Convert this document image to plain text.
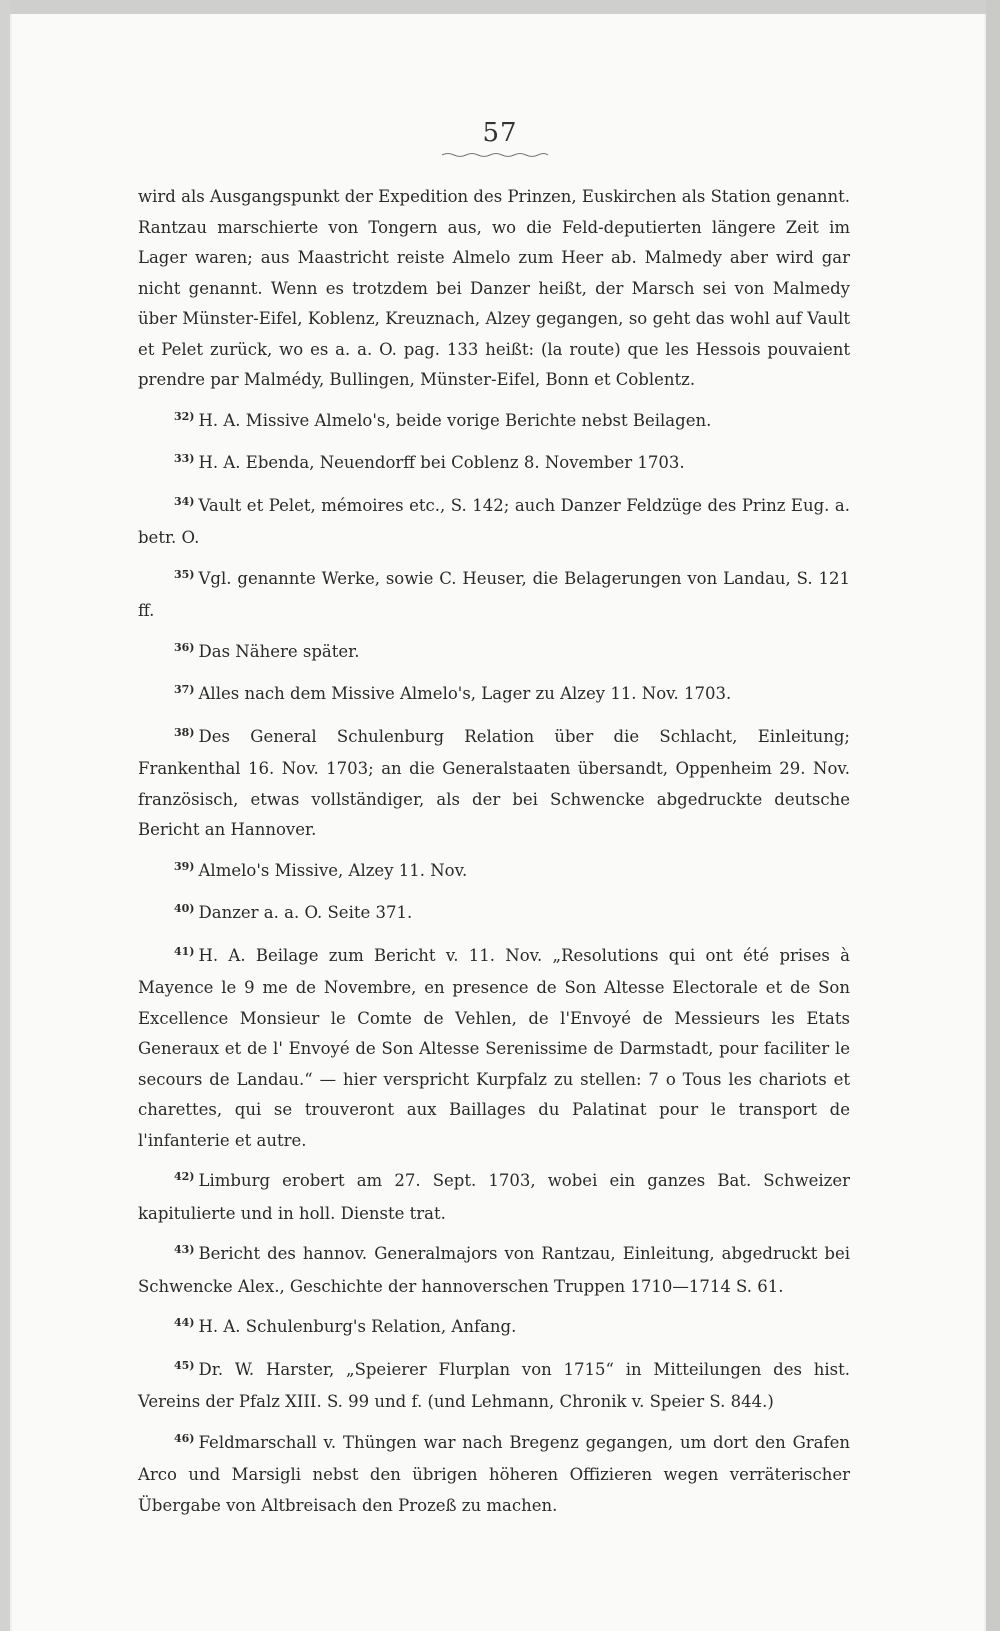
57

wird als Ausgangspunkt der Expedition des Prinzen, Euskirchen als Station genannt. Rantzau marschierte von Tongern aus, wo die Feld-deputierten längere Zeit im Lager waren; aus Maastricht reiste Almelo zum Heer ab. Malmedy aber wird gar nicht genannt. Wenn es trotzdem bei Danzer heißt, der Marsch sei von Malmedy über Münster-Eifel, Koblenz, Kreuznach, Alzey gegangen, so geht das wohl auf Vault et Pelet zurück, wo es a. a. O. pag. 133 heißt: (la route) que les Hessois pouvaient prendre par Malmédy, Bullingen, Münster-Eifel, Bonn et Coblentz.

$^{32)}$ H. A. Missive Almelo's, beide vorige Berichte nebst Beilagen.

$^{33)}$ H. A. Ebenda, Neuendorff bei Coblenz 8. November 1703.

$^{34)}$ Vault et Pelet, mémoires etc., S. 142; auch Danzer Feldzüge des Prinz Eug. a. betr. O.

$^{35)}$ Vgl. genannte Werke, sowie C. Heuser, die Belagerungen von Landau, S. 121 ff.

$^{36)}$ Das Nähere später.

$^{37)}$ Alles nach dem Missive Almelo's, Lager zu Alzey 11. Nov. 1703.

$^{38)}$ Des General Schulenburg Relation über die Schlacht, Einleitung; Frankenthal 16. Nov. 1703; an die Generalstaaten übersandt, Oppenheim 29. Nov. französisch, etwas vollständiger, als der bei Schwencke abgedruckte deutsche Bericht an Hannover.

$^{39)}$ Almelo's Missive, Alzey 11. Nov.

$^{40)}$ Danzer a. a. O. Seite 371.

$^{41)}$ H. A. Beilage zum Bericht v. 11. Nov. „Resolutions qui ont été prises à Mayence le 9 me de Novembre, en presence de Son Altesse Electorale et de Son Excellence Monsieur le Comte de Vehlen, de l'Envoyé de Messieurs les Etats Generaux et de l' Envoyé de Son Altesse Serenissime de Darmstadt, pour faciliter le secours de Landau.“ — hier verspricht Kurpfalz zu stellen: 7 o Tous les chariots et charettes, qui se trouveront aux Baillages du Palatinat pour le transport de l'infanterie et autre.

$^{42)}$ Limburg erobert am 27. Sept. 1703, wobei ein ganzes Bat. Schweizer kapitulierte und in holl. Dienste trat.

$^{43)}$ Bericht des hannov. Generalmajors von Rantzau, Einleitung, abgedruckt bei Schwencke Alex., Geschichte der hannoverschen Truppen 1710—1714 S. 61.

$^{44)}$ H. A. Schulenburg's Relation, Anfang.

$^{45)}$ Dr. W. Harster, „Speierer Flurplan von 1715“ in Mitteilungen des hist. Vereins der Pfalz XIII. S. 99 und f. (und Lehmann, Chronik v. Speier S. 844.)

$^{46)}$ Feldmarschall v. Thüngen war nach Bregenz gegangen, um dort den Grafen Arco und Marsigli nebst den übrigen höheren Offizieren wegen verräterischer Übergabe von Altbreisach den Prozeß zu machen.
